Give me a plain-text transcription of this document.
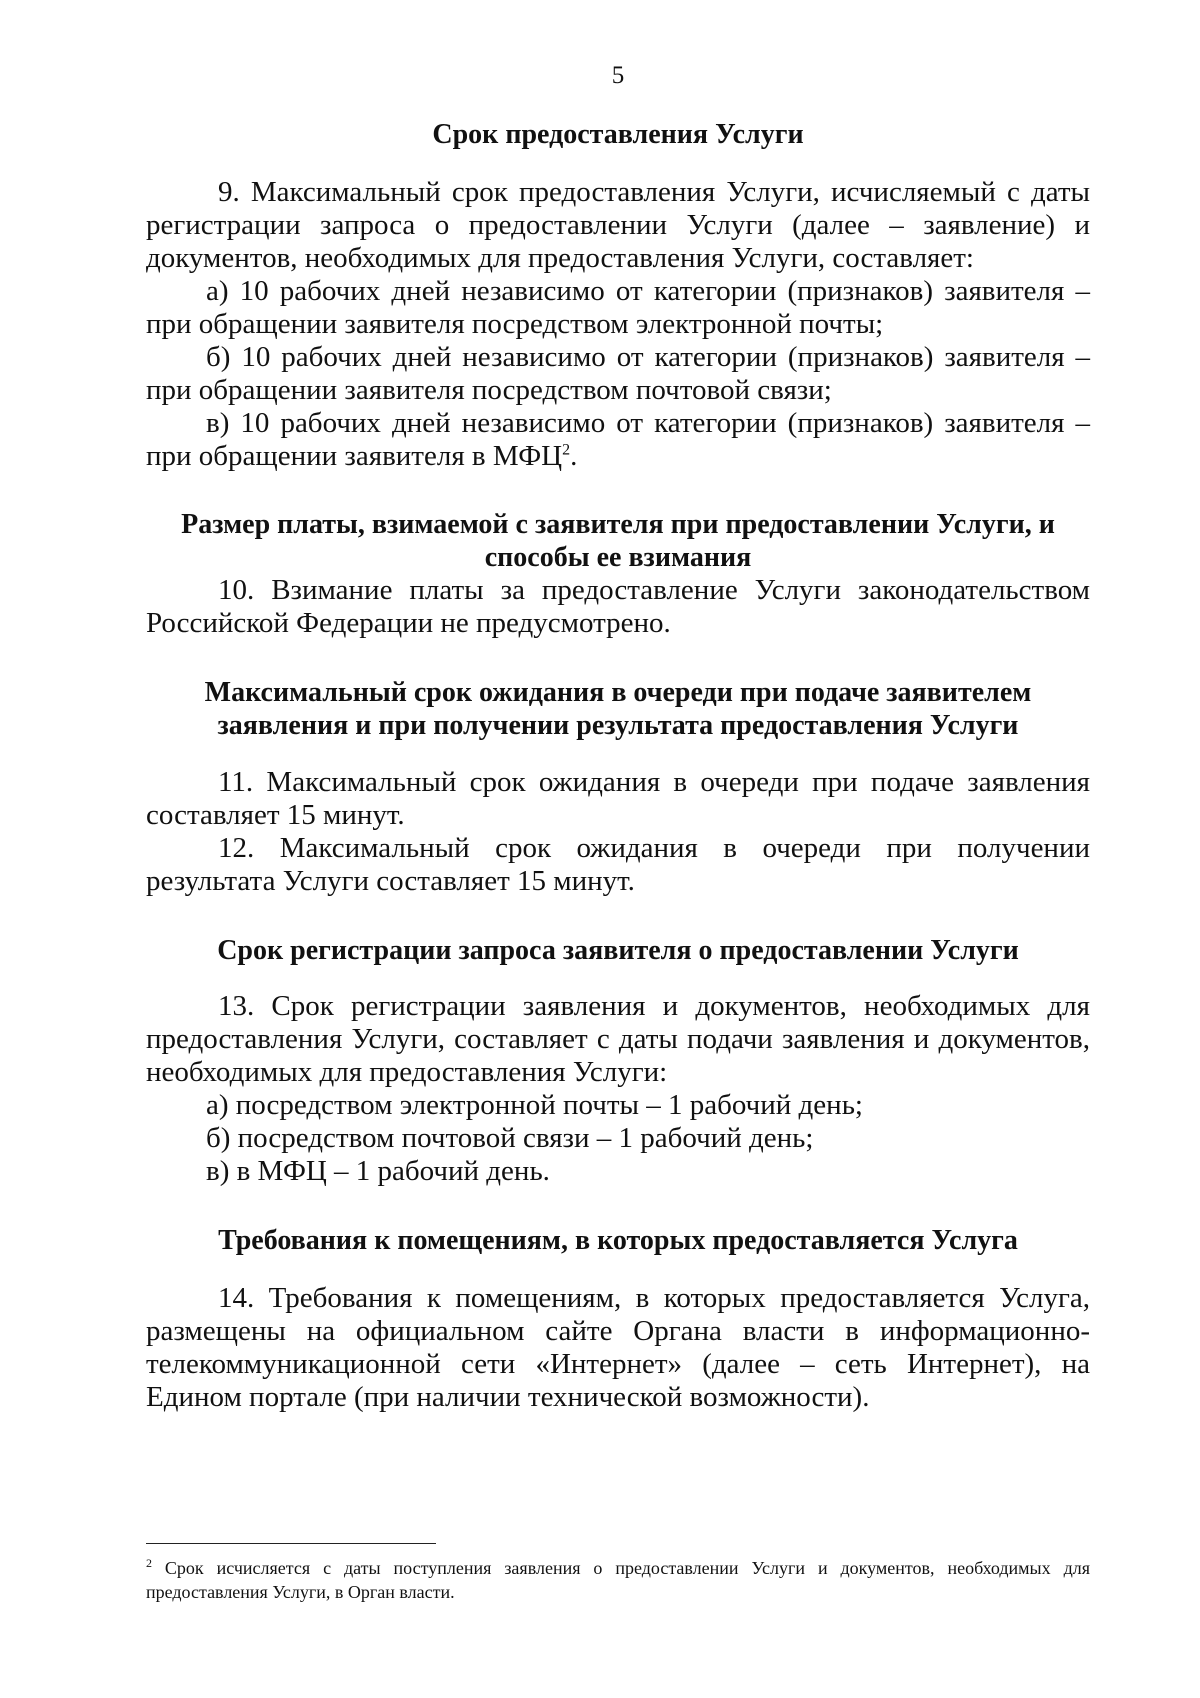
5
Срок предоставления Услуги

9. Максимальный срок предоставления Услуги, исчисляемый с даты регистрации запроса о предоставлении Услуги (далее – заявление) и документов, необходимых для предоставления Услуги, составляет:

а) 10 рабочих дней независимо от категории (признаков) заявителя – при обращении заявителя посредством электронной почты;

б) 10 рабочих дней независимо от категории (признаков) заявителя – при обращении заявителя посредством почтовой связи;

в) 10 рабочих дней независимо от категории (признаков) заявителя – при обращении заявителя в МФЦ$^2$.

Размер платы, взимаемой с заявителя при предоставлении Услуги, и способы ее взимания

10. Взимание платы за предоставление Услуги законодательством Российской Федерации не предусмотрено.

Максимальный срок ожидания в очереди при подаче заявителем заявления и при получении результата предоставления Услуги

11. Максимальный срок ожидания в очереди при подаче заявления составляет 15 минут.

12. Максимальный срок ожидания в очереди при получении результата Услуги составляет 15 минут.

Срок регистрации запроса заявителя о предоставлении Услуги

13. Срок регистрации заявления и документов, необходимых для предоставления Услуги, составляет с даты подачи заявления и документов, необходимых для предоставления Услуги:

а) посредством электронной почты – 1 рабочий день;

б) посредством почтовой связи – 1 рабочий день;

в) в МФЦ – 1 рабочий день.

Требования к помещениям, в которых предоставляется Услуга

14. Требования к помещениям, в которых предоставляется Услуга, размещены на официальном сайте Органа власти в информационно-телекоммуникационной сети «Интернет» (далее – сеть Интернет), на Едином портале (при наличии технической возможности).

$^2$ Срок исчисляется с даты поступления заявления о предоставлении Услуги и документов, необходимых для предоставления Услуги, в Орган власти.
